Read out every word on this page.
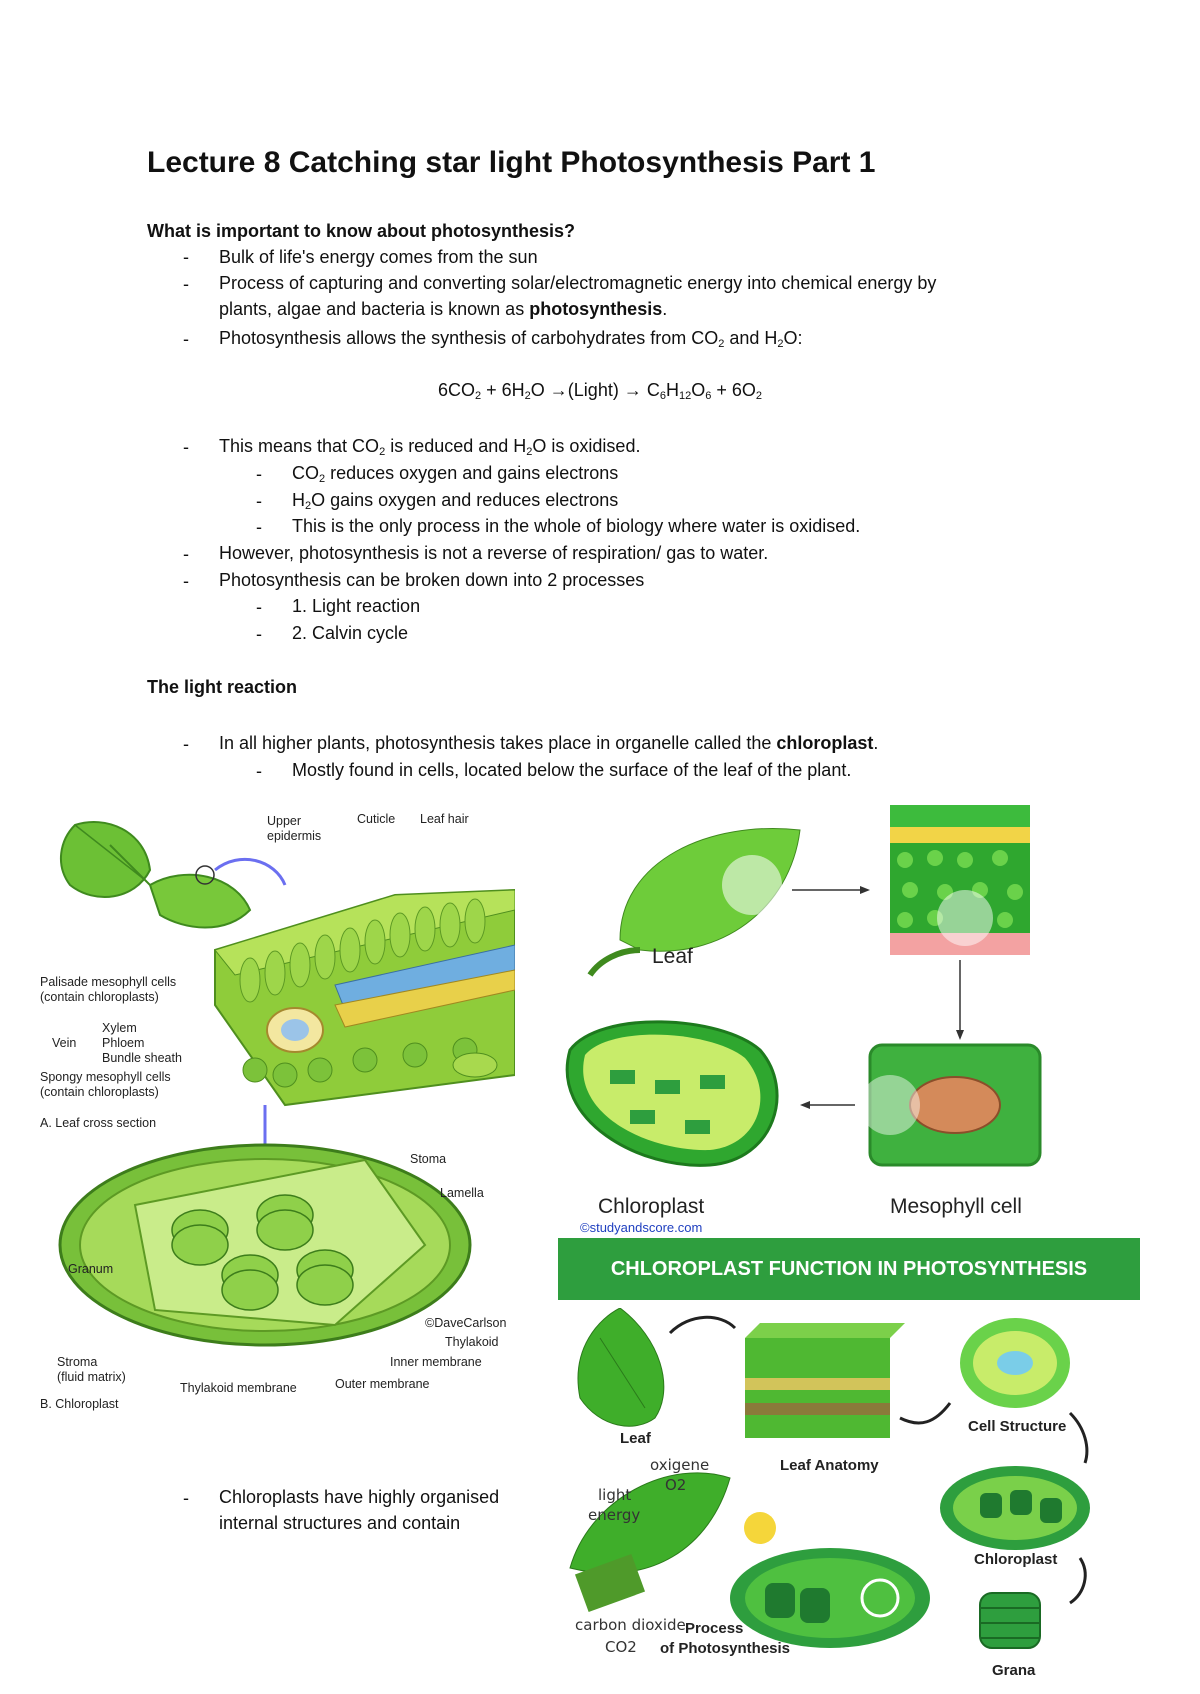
Lecture 8 Catching star light Photosynthesis Part 1
What is important to know about photosynthesis?
- Bulk of life's energy comes from the sun
- Process of capturing and converting solar/electromagnetic energy into chemical energy by
plants, algae and bacteria is known as photosynthesis.
- Photosynthesis allows the synthesis of carbohydrates from $CO_2$ and $H_2O$:
$6CO_2 + 6H_2O$ →(Light) → $C_6H_{12}O_6 + 6O_2$
- This means that $CO_2$ is reduced and $H_2O$ is oxidised.
- $CO_2$ reduces oxygen and gains electrons
- $H_2O$ gains oxygen and reduces electrons
- This is the only process in the whole of biology where water is oxidised.
- However, photosynthesis is not a reverse of respiration/ gas to water.
- Photosynthesis can be broken down into 2 processes
- 1. Light reaction
- 2. Calvin cycle
The light reaction
- In all higher plants, photosynthesis takes place in organelle called the chloroplast.
- Mostly found in cells, located below the surface of the leaf of the plant.
- Chloroplasts have highly organised
internal structures and contain
Upper
epidermis
Cuticle Leaf hair
Palisade mesophyll cells
(contain chloroplasts)
Vein
Xylem
Phloem
Bundle sheath
Spongy mesophyll cells
(contain chloroplasts)
A. Leaf cross section
Stoma
Lamella
Granum
©DaveCarlson
Thylakoid
Inner membrane
Stroma
(fluid matrix)
Thylakoid membrane	Outer membrane
B. Chloroplast
Leaf
Chloroplast	Mesophyll cell
©studyandscore.com
CHLOROPLAST FUNCTION IN PHOTOSYNTHESIS
Leaf
Leaf Anatomy
Cell Structure
Chloroplast
Grana
oxigene
O2
light
energy
carbon dioxide
CO2
Process
of Photosynthesis
